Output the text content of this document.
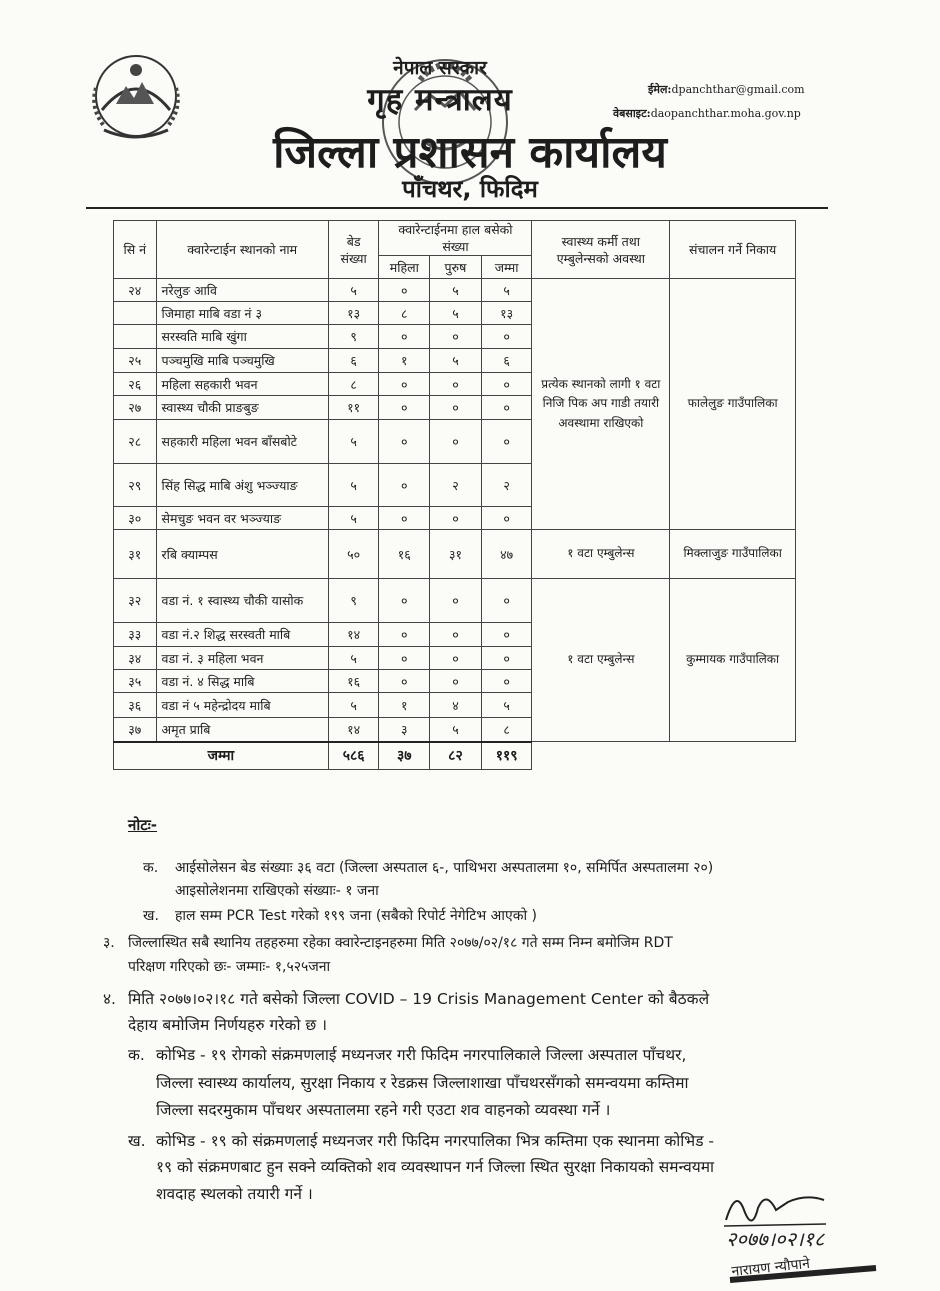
नेपाल सरकार
गृह मन्त्रालय
जिल्ला प्रशासन कार्यालय
पाँचथर, फिदिम
ईमेल:dpanchthar@gmail.com
वेबसाइट:daopanchthar.moha.gov.np
सि नं	क्वारेन्टाईन स्थानको नाम	बेड संख्या	क्वारेन्टाईनमा हाल बसेको संख्या			स्वास्थ्य कर्मी तथा एम्बुलेन्सको अवस्था	संचालन गर्ने निकाय
			महिला	पुरुष	जम्मा		
२४	नरेलुङ आवि	५	०	५	५	प्रत्येक स्थानको लागी १ वटा निजि पिक अप गाडी तयारी अवस्थामा राखिएको	फालेलुङ गाउँपालिका
	जिमाहा माबि वडा नं ३	१३	८	५	१३		
	सरस्वति माबि खुंगा	९	०	०	०		
२५	पञ्चमुखि माबि पञ्चमुखि	६	१	५	६		
२६	महिला सहकारी भवन	८	०	०	०		
२७	स्वास्थ्य चौकी प्राङबुङ	११	०	०	०		
२८	सहकारी महिला भवन बाँसबोटे	५	०	०	०		
२९	सिंह सिद्ध माबि अंशु भञ्ज्याङ	५	०	२	२		
३०	सेमचुङ भवन वर भञ्ज्याङ	५	०	०	०		
३१	रबि क्याम्पस	५०	१६	३१	४७	१ वटा एम्बुलेन्स	मिक्लाजुङ गाउँपालिका
३२	वडा नं. १ स्वास्थ्य चौकी यासोक	९	०	०	०	१ वटा एम्बुलेन्स	कुम्मायक गाउँपालिका
३३	वडा नं.२ शिद्ध सरस्वती माबि	१४	०	०	०		
३४	वडा नं. ३ महिला भवन	५	०	०	०		
३५	वडा नं. ४ सिद्ध माबि	१६	०	०	०		
३६	वडा नं ५ महेन्द्रोदय माबि	५	१	४	५		
३७	अमृत प्राबि	१४	३	५	८		
जम्मा		५८६	३७	८२	११९		
नोटः-
क. आईसोलेसन बेड संख्याः ३६ वटा (जिल्ला अस्पताल ६-, पाथिभरा अस्पतालमा १०, समिर्पित अस्पतालमा २०)
आइसोलेशनमा राखिएको संख्याः- १ जना
ख. हाल सम्म PCR Test गरेको १९९ जना (सबैको रिपोर्ट नेगेटिभ आएको )
३. जिल्लास्थित सबै स्थानिय तहहरुमा रहेका क्वारेन्टाइनहरुमा मिति २०७७/०२/१८ गते सम्म निम्न बमोजिम RDT
परिक्षण गरिएको छः- जम्माः- १,५२५जना
४. मिति २०७७।०२।१८ गते बसेको जिल्ला COVID – 19 Crisis Management Center को बैठकले
देहाय बमोजिम निर्णयहरु गरेको छ ।
क. कोभिड - १९ रोगको संक्रमणलाई मध्यनजर गरी फिदिम नगरपालिकाले जिल्ला अस्पताल पाँचथर,
जिल्ला स्वास्थ्य कार्यालय, सुरक्षा निकाय र रेडक्रस जिल्लाशाखा पाँचथरसँगको समन्वयमा कम्तिमा
जिल्ला सदरमुकाम पाँचथर अस्पतालमा रहने गरी एउटा शव वाहनको व्यवस्था गर्ने ।
ख. कोभिड - १९ को संक्रमणलाई मध्यनजर गरी फिदिम नगरपालिका भित्र कम्तिमा एक स्थानमा कोभिड -
१९ को संक्रमणबाट हुन सक्ने व्यक्तिको शव व्यवस्थापन गर्न जिल्ला स्थित सुरक्षा निकायको समन्वयमा
शवदाह स्थलको तयारी गर्ने ।
२०७७।०२।१८
नारायण न्यौपाने
